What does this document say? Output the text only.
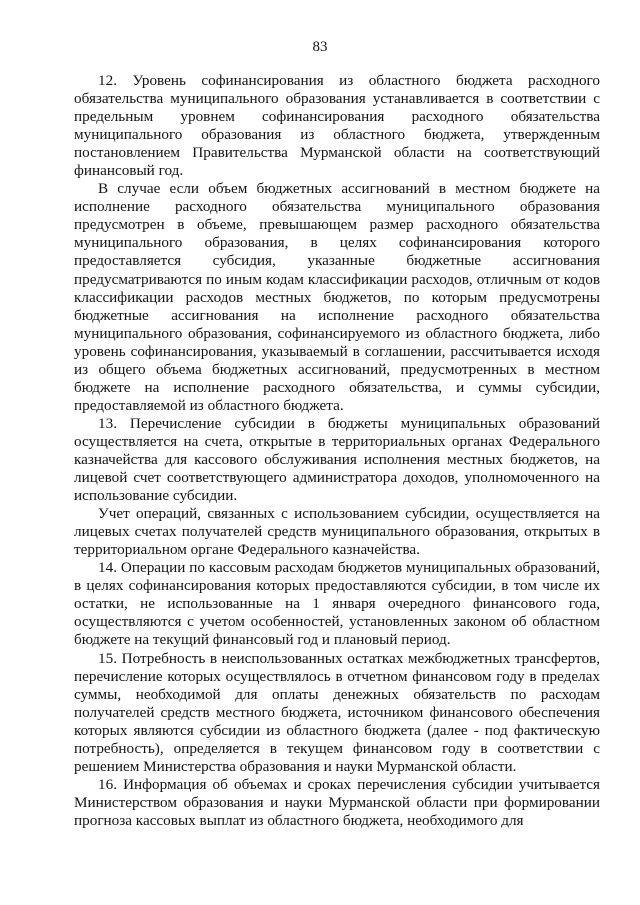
83

12. Уровень софинансирования из областного бюджета расходного обязательства муниципального образования устанавливается в соответствии с предельным уровнем софинансирования расходного обязательства муниципального образования из областного бюджета, утвержденным постановлением Правительства Мурманской области на соответствующий финансовый год.

В случае если объем бюджетных ассигнований в местном бюджете на исполнение расходного обязательства муниципального образования предусмотрен в объеме, превышающем размер расходного обязательства муниципального образования, в целях софинансирования которого предоставляется субсидия, указанные бюджетные ассигнования предусматриваются по иным кодам классификации расходов, отличным от кодов классификации расходов местных бюджетов, по которым предусмотрены бюджетные ассигнования на исполнение расходного обязательства муниципального образования, софинансируемого из областного бюджета, либо уровень софинансирования, указываемый в соглашении, рассчитывается исходя из общего объема бюджетных ассигнований, предусмотренных в местном бюджете на исполнение расходного обязательства, и суммы субсидии, предоставляемой из областного бюджета.

13. Перечисление субсидии в бюджеты муниципальных образований осуществляется на счета, открытые в территориальных органах Федерального казначейства для кассового обслуживания исполнения местных бюджетов, на лицевой счет соответствующего администратора доходов, уполномоченного на использование субсидии.

Учет операций, связанных с использованием субсидии, осуществляется на лицевых счетах получателей средств муниципального образования, открытых в территориальном органе Федерального казначейства.

14. Операции по кассовым расходам бюджетов муниципальных образований, в целях софинансирования которых предоставляются субсидии, в том числе их остатки, не использованные на 1 января очередного финансового года, осуществляются с учетом особенностей, установленных законом об областном бюджете на текущий финансовый год и плановый период.

15. Потребность в неиспользованных остатках межбюджетных трансфертов, перечисление которых осуществлялось в отчетном финансовом году в пределах суммы, необходимой для оплаты денежных обязательств по расходам получателей средств местного бюджета, источником финансового обеспечения которых являются субсидии из областного бюджета (далее - под фактическую потребность), определяется в текущем финансовом году в соответствии с решением Министерства образования и науки Мурманской области.

16. Информация об объемах и сроках перечисления субсидии учитывается Министерством образования и науки Мурманской области при формировании прогноза кассовых выплат из областного бюджета, необходимого для
